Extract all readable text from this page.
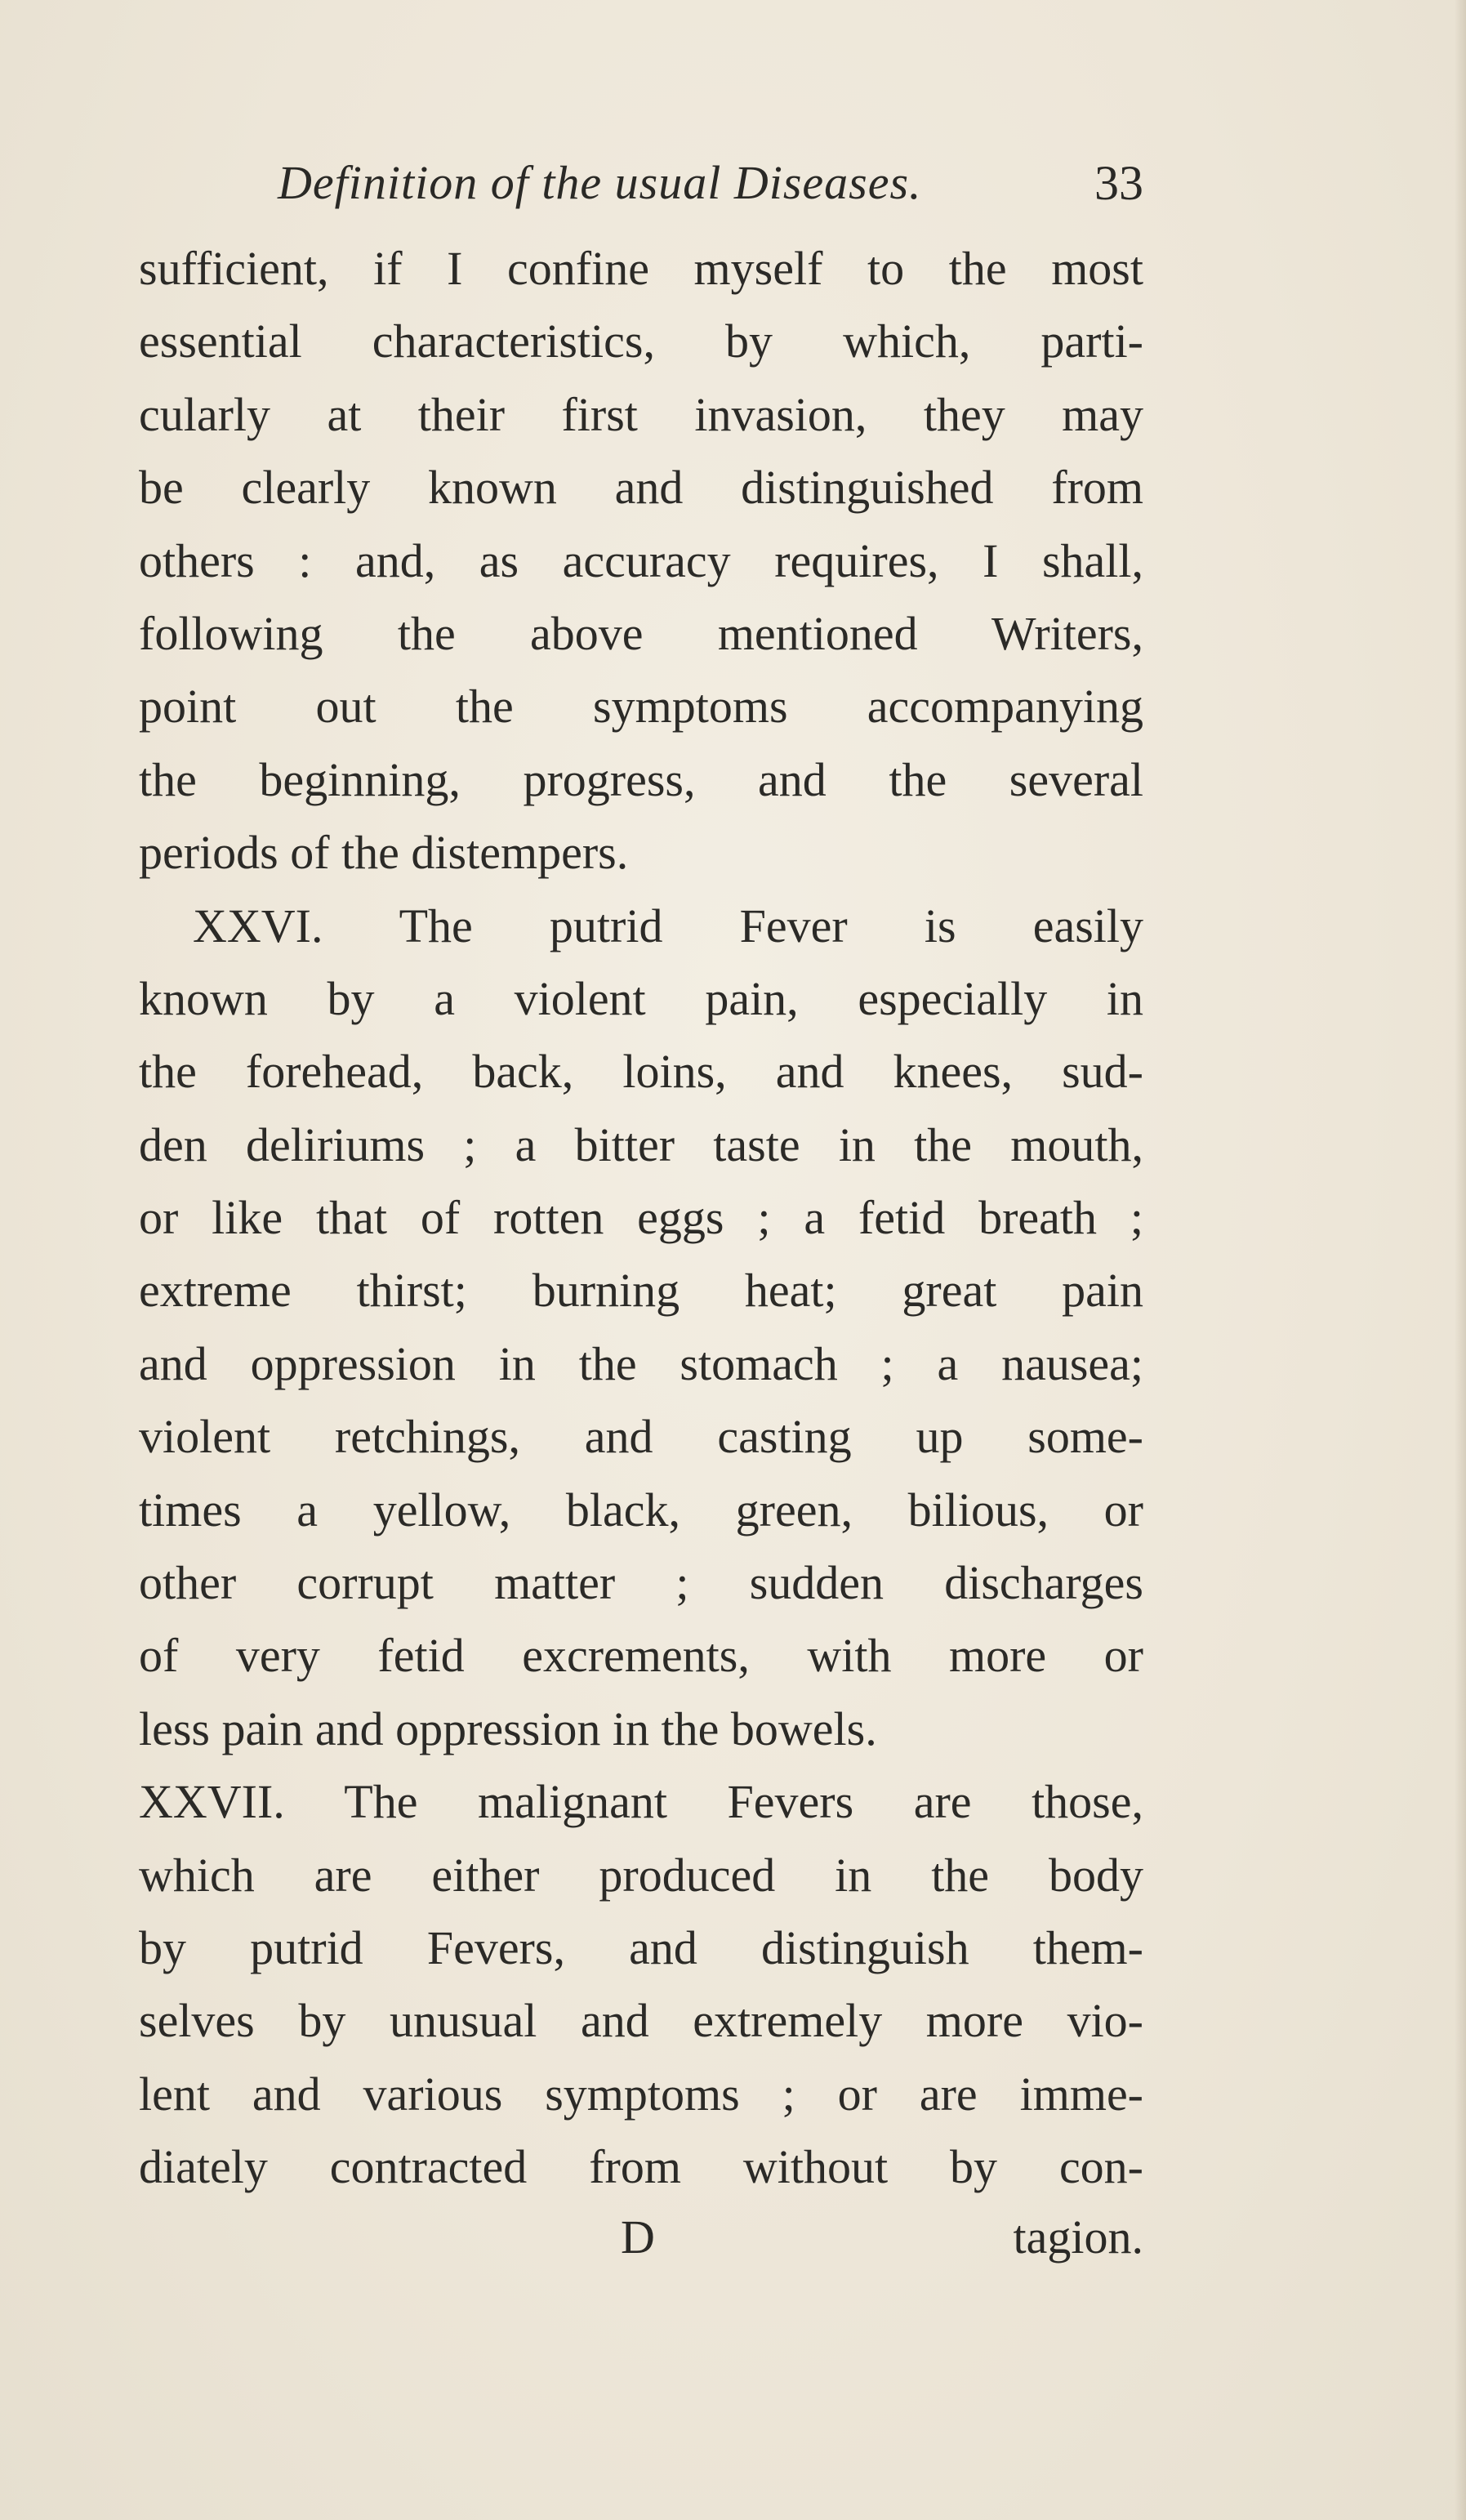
Definition of the usual Diseases.	33
sufficient, if I confine myself to the most
essential characteristics, by which, parti-
cularly at their first invasion, they may
be clearly known and distinguished from
others : and, as accuracy requires, I shall,
following the above mentioned Writers,
point out the symptoms accompanying
the beginning, progress, and the several
periods of the distempers.
XXVI. The putrid Fever is easily
known by a violent pain, especially in
the forehead, back, loins, and knees, sud-
den deliriums ; a bitter taste in the mouth,
or like that of rotten eggs ; a fetid breath ;
extreme thirst; burning heat; great pain
and oppression in the stomach ; a nausea;
violent retchings, and casting up some-
times a yellow, black, green, bilious, or
other corrupt matter ; sudden discharges
of very fetid excrements, with more or
less pain and oppression in the bowels.
XXVII. The malignant Fevers are those,
which are either produced in the body
by putrid Fevers, and distinguish them-
selves by unusual and extremely more vio-
lent and various symptoms ; or are imme-
diately contracted from without by con-
D	tagion.
